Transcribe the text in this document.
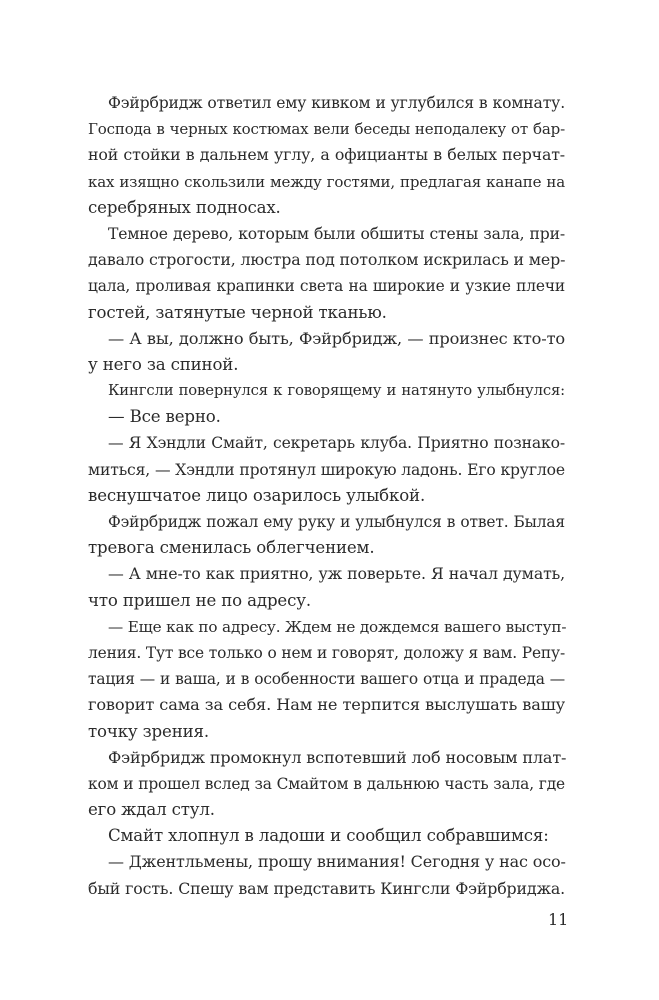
Фэйрбридж ответил ему кивком и углубился в комнату.
Господа в черных костюмах вели беседы неподалеку от бар-
ной стойки в дальнем углу, а официанты в белых перчат-
ках изящно скользили между гостями, предлагая канапе на
серебряных подносах.
Темное дерево, которым были обшиты стены зала, при-
давало строгости, люстра под потолком искрилась и мер-
цала, проливая крапинки света на широкие и узкие плечи
гостей, затянутые черной тканью.
— А вы, должно быть, Фэйрбридж, — произнес кто-то
у него за спиной.
Кингсли повернулся к говорящему и натянуто улыбнулся:
— Все верно.
— Я Хэндли Смайт, секретарь клуба. Приятно познако-
миться, — Хэндли протянул широкую ладонь. Его круглое
веснушчатое лицо озарилось улыбкой.
Фэйрбридж пожал ему руку и улыбнулся в ответ. Былая
тревога сменилась облегчением.
— А мне-то как приятно, уж поверьте. Я начал думать,
что пришел не по адресу.
— Еще как по адресу. Ждем не дождемся вашего выступ-
ления. Тут все только о нем и говорят, доложу я вам. Репу-
тация — и ваша, и в особенности вашего отца и прадеда —
говорит сама за себя. Нам не терпится выслушать вашу
точку зрения.
Фэйрбридж промокнул вспотевший лоб носовым плат-
ком и прошел вслед за Смайтом в дальнюю часть зала, где
его ждал стул.
Смайт хлопнул в ладоши и сообщил собравшимся:
— Джентльмены, прошу внимания! Сегодня у нас осо-
бый гость. Спешу вам представить Кингсли Фэйрбриджа.
11
